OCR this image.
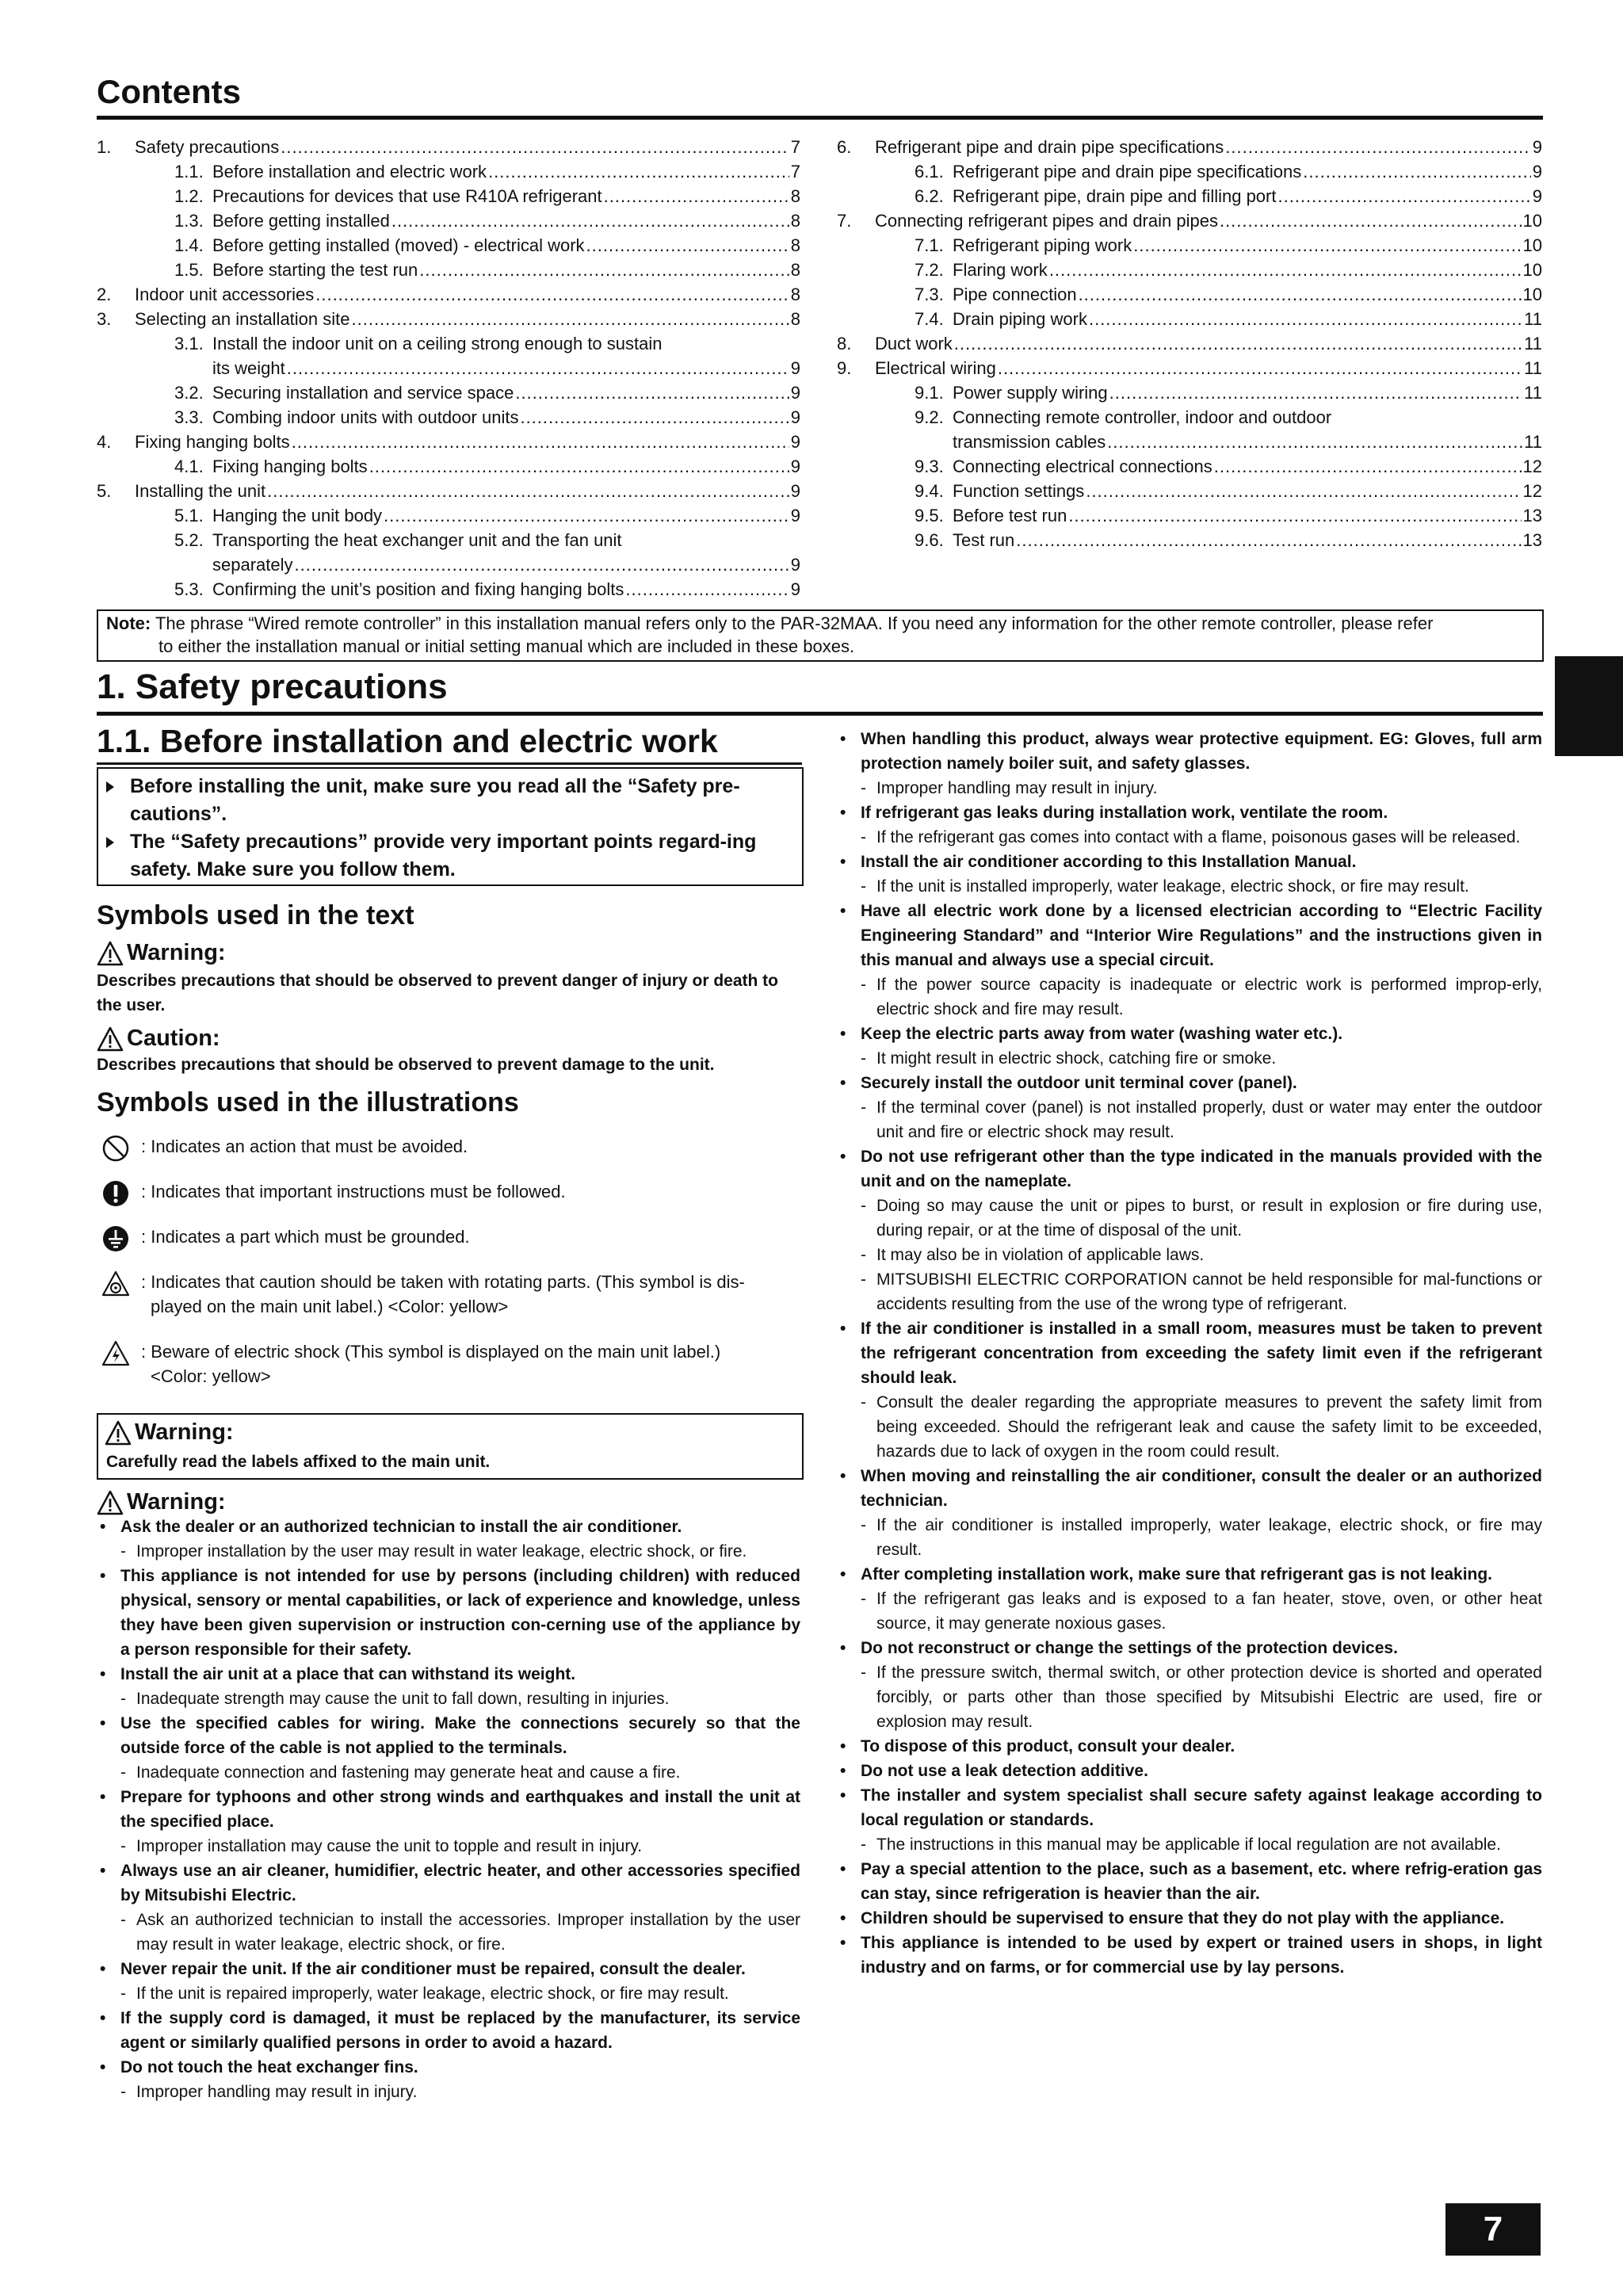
Contents
1.	Safety precautions .....	7
1.1. Before installation and electric work .....	7
1.2. Precautions for devices that use R410A refrigerant .....	8
1.3. Before getting installed .....	8
1.4. Before getting installed (moved) - electrical work .....	8
1.5. Before starting the test run .....	8
2.	Indoor unit accessories .....	8
3.	Selecting an installation site .....	8
3.1. Install the indoor unit on a ceiling strong enough to sustain
its weight .....	9
3.2. Securing installation and service space .....	9
3.3. Combing indoor units with outdoor units .....	9
4.	Fixing hanging bolts .....	9
4.1. Fixing hanging bolts .....	9
5.	Installing the unit .....	9
5.1. Hanging the unit body .....	9
5.2. Transporting the heat exchanger unit and the fan unit
separately .....	9
5.3. Confirming the unit’s position and fixing hanging bolts .....	9
6.	Refrigerant pipe and drain pipe specifications .....	9
6.1. Refrigerant pipe and drain pipe specifications .....	9
6.2. Refrigerant pipe, drain pipe and filling port .....	9
7.	Connecting refrigerant pipes and drain pipes .....	10
7.1. Refrigerant piping work .....	10
7.2. Flaring work .....	10
7.3. Pipe connection .....	10
7.4. Drain piping work .....	11
8.	Duct work .....	11
9.	Electrical wiring .....	11
9.1. Power supply wiring .....	11
9.2. Connecting remote controller, indoor and outdoor
transmission cables .....	11
9.3. Connecting electrical connections .....	12
9.4. Function settings .....	12
9.5. Before test run .....	13
9.6. Test run .....	13
Note: The phrase “Wired remote controller” in this installation manual refers only to the PAR-32MAA. If you need any information for the other remote controller, please refer
to either the installation manual or initial setting manual which are included in these boxes.
1. Safety precautions
1.1. Before installation and electric work
Before installing the unit, make sure you read all the “Safety pre-cautions”.
The “Safety precautions” provide very important points regard-ing safety. Make sure you follow them.
Symbols used in the text
Warning:
Describes precautions that should be observed to prevent danger of injury or death to the user.
Caution:
Describes precautions that should be observed to prevent damage to the unit.
Symbols used in the illustrations
: Indicates an action that must be avoided.
: Indicates that important instructions must be followed.
: Indicates a part which must be grounded.
: Indicates that caution should be taken with rotating parts. (This symbol is dis-
played on the main unit label.) <Color: yellow>
: Beware of electric shock (This symbol is displayed on the main unit label.)
<Color: yellow>
Warning:
Carefully read the labels affixed to the main unit.
Warning:
• Ask the dealer or an authorized technician to install the air conditioner.
- Improper installation by the user may result in water leakage, electric shock, or fire.
• This appliance is not intended for use by persons (including children) with reduced physical, sensory or mental capabilities, or lack of experience and knowledge, unless they have been given supervision or instruction con-cerning use of the appliance by a person responsible for their safety.
• Install the air unit at a place that can withstand its weight.
- Inadequate strength may cause the unit to fall down, resulting in injuries.
• Use the specified cables for wiring. Make the connections securely so that the outside force of the cable is not applied to the terminals.
- Inadequate connection and fastening may generate heat and cause a fire.
• Prepare for typhoons and other strong winds and earthquakes and install the unit at the specified place.
- Improper installation may cause the unit to topple and result in injury.
• Always use an air cleaner, humidifier, electric heater, and other accessories specified by Mitsubishi Electric.
- Ask an authorized technician to install the accessories. Improper installation by the user may result in water leakage, electric shock, or fire.
• Never repair the unit. If the air conditioner must be repaired, consult the dealer.
- If the unit is repaired improperly, water leakage, electric shock, or fire may result.
• If the supply cord is damaged, it must be replaced by the manufacturer, its service agent or similarly qualified persons in order to avoid a hazard.
• Do not touch the heat exchanger fins.
- Improper handling may result in injury.
• When handling this product, always wear protective equipment. EG: Gloves, full arm protection namely boiler suit, and safety glasses.
- Improper handling may result in injury.
• If refrigerant gas leaks during installation work, ventilate the room.
- If the refrigerant gas comes into contact with a flame, poisonous gases will be released.
• Install the air conditioner according to this Installation Manual.
- If the unit is installed improperly, water leakage, electric shock, or fire may result.
• Have all electric work done by a licensed electrician according to “Electric Facility Engineering Standard” and “Interior Wire Regulations” and the instructions given in this manual and always use a special circuit.
- If the power source capacity is inadequate or electric work is performed improp-erly, electric shock and fire may result.
• Keep the electric parts away from water (washing water etc.).
- It might result in electric shock, catching fire or smoke.
• Securely install the outdoor unit terminal cover (panel).
- If the terminal cover (panel) is not installed properly, dust or water may enter the outdoor unit and fire or electric shock may result.
• Do not use refrigerant other than the type indicated in the manuals provided with the unit and on the nameplate.
- Doing so may cause the unit or pipes to burst, or result in explosion or fire during use, during repair, or at the time of disposal of the unit.
- It may also be in violation of applicable laws.
- MITSUBISHI ELECTRIC CORPORATION cannot be held responsible for mal-functions or accidents resulting from the use of the wrong type of refrigerant.
• If the air conditioner is installed in a small room, measures must be taken to prevent the refrigerant concentration from exceeding the safety limit even if the refrigerant should leak.
- Consult the dealer regarding the appropriate measures to prevent the safety limit from being exceeded. Should the refrigerant leak and cause the safety limit to be exceeded, hazards due to lack of oxygen in the room could result.
• When moving and reinstalling the air conditioner, consult the dealer or an authorized technician.
- If the air conditioner is installed improperly, water leakage, electric shock, or fire may result.
• After completing installation work, make sure that refrigerant gas is not leaking.
- If the refrigerant gas leaks and is exposed to a fan heater, stove, oven, or other heat source, it may generate noxious gases.
• Do not reconstruct or change the settings of the protection devices.
- If the pressure switch, thermal switch, or other protection device is shorted and operated forcibly, or parts other than those specified by Mitsubishi Electric are used, fire or explosion may result.
• To dispose of this product, consult your dealer.
• Do not use a leak detection additive.
• The installer and system specialist shall secure safety against leakage according to local regulation or standards.
- The instructions in this manual may be applicable if local regulation are not available.
• Pay a special attention to the place, such as a basement, etc. where refrig-eration gas can stay, since refrigeration is heavier than the air.
• Children should be supervised to ensure that they do not play with the appliance.
• This appliance is intended to be used by expert or trained users in shops, in light industry and on farms, or for commercial use by lay persons.
7
